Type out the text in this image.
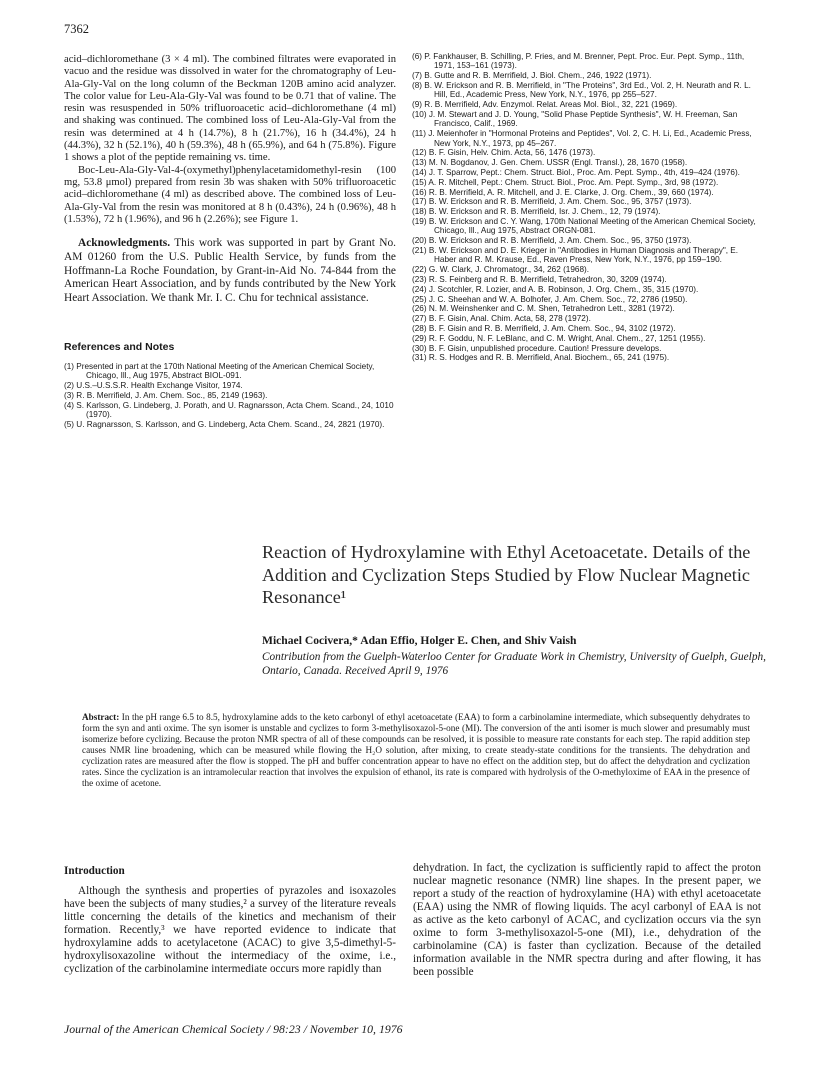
7362
acid–dichloromethane (3 × 4 ml). The combined filtrates were evaporated in vacuo and the residue was dissolved in water for the chromatography of Leu-Ala-Gly-Val on the long column of the Beckman 120B amino acid analyzer. The color value for Leu-Ala-Gly-Val was found to be 0.71 that of valine. The resin was resuspended in 50% trifluoroacetic acid–dichloromethane (4 ml) and shaking was continued. The combined loss of Leu-Ala-Gly-Val from the resin was determined at 4 h (14.7%), 8 h (21.7%), 16 h (34.4%), 24 h (44.3%), 32 h (52.1%), 40 h (59.3%), 48 h (65.9%), and 64 h (75.8%). Figure 1 shows a plot of the peptide remaining vs. time.
Boc-Leu-Ala-Gly-Val-4-(oxymethyl)phenylacetamidomethyl-resin (100 mg, 53.8 μmol) prepared from resin 3b was shaken with 50% trifluoroacetic acid–dichloromethane (4 ml) as described above. The combined loss of Leu-Ala-Gly-Val from the resin was monitored at 8 h (0.43%), 24 h (0.96%), 48 h (1.53%), 72 h (1.96%), and 96 h (2.26%); see Figure 1.
Acknowledgments. This work was supported in part by Grant No. AM 01260 from the U.S. Public Health Service, by funds from the Hoffmann-La Roche Foundation, by Grant-in-Aid No. 74-844 from the American Heart Association, and by funds contributed by the New York Heart Association. We thank Mr. I. C. Chu for technical assistance.
References and Notes
(1) Presented in part at the 170th National Meeting of the American Chemical Society, Chicago, Ill., Aug 1975, Abstract BIOL-091.
(2) U.S.–U.S.S.R. Health Exchange Visitor, 1974.
(3) R. B. Merrifield, J. Am. Chem. Soc., 85, 2149 (1963).
(4) S. Karlsson, G. Lindeberg, J. Porath, and U. Ragnarsson, Acta Chem. Scand., 24, 1010 (1970).
(5) U. Ragnarsson, S. Karlsson, and G. Lindeberg, Acta Chem. Scand., 24, 2821 (1970).
(6) P. Fankhauser, B. Schilling, P. Fries, and M. Brenner, Pept. Proc. Eur. Pept. Symp., 11th, 1971, 153–161 (1973).
(7) B. Gutte and R. B. Merrifield, J. Biol. Chem., 246, 1922 (1971).
(8) B. W. Erickson and R. B. Merrifield, in "The Proteins", 3rd Ed., Vol. 2, H. Neurath and R. L. Hill, Ed., Academic Press, New York, N.Y., 1976, pp 255–527.
(9) R. B. Merrifield, Adv. Enzymol. Relat. Areas Mol. Biol., 32, 221 (1969).
(10) J. M. Stewart and J. D. Young, "Solid Phase Peptide Synthesis", W. H. Freeman, San Francisco, Calif., 1969.
(11) J. Meienhofer in "Hormonal Proteins and Peptides", Vol. 2, C. H. Li, Ed., Academic Press, New York, N.Y., 1973, pp 45–267.
(12) B. F. Gisin, Helv. Chim. Acta, 56, 1476 (1973).
(13) M. N. Bogdanov, J. Gen. Chem. USSR (Engl. Transl.), 28, 1670 (1958).
(14) J. T. Sparrow, Pept.: Chem. Struct. Biol., Proc. Am. Pept. Symp., 4th, 419–424 (1976).
(15) A. R. Mitchell, Pept.: Chem. Struct. Biol., Proc. Am. Pept. Symp., 3rd, 98 (1972).
(16) R. B. Merrifield, A. R. Mitchell, and J. E. Clarke, J. Org. Chem., 39, 660 (1974).
(17) B. W. Erickson and R. B. Merrifield, J. Am. Chem. Soc., 95, 3757 (1973).
(18) B. W. Erickson and R. B. Merrifield, Isr. J. Chem., 12, 79 (1974).
(19) B. W. Erickson and C. Y. Wang, 170th National Meeting of the American Chemical Society, Chicago, Ill., Aug 1975, Abstract ORGN-081.
(20) B. W. Erickson and R. B. Merrifield, J. Am. Chem. Soc., 95, 3750 (1973).
(21) B. W. Erickson and D. E. Krieger in "Antibodies in Human Diagnosis and Therapy", E. Haber and R. M. Krause, Ed., Raven Press, New York, N.Y., 1976, pp 159–190.
(22) G. W. Clark, J. Chromatogr., 34, 262 (1968).
(23) R. S. Feinberg and R. B. Merrifield, Tetrahedron, 30, 3209 (1974).
(24) J. Scotchler, R. Lozier, and A. B. Robinson, J. Org. Chem., 35, 315 (1970).
(25) J. C. Sheehan and W. A. Bolhofer, J. Am. Chem. Soc., 72, 2786 (1950).
(26) N. M. Weinshenker and C. M. Shen, Tetrahedron Lett., 3281 (1972).
(27) B. F. Gisin, Anal. Chim. Acta, 58, 278 (1972).
(28) B. F. Gisin and R. B. Merrifield, J. Am. Chem. Soc., 94, 3102 (1972).
(29) R. F. Goddu, N. F. LeBlanc, and C. M. Wright, Anal. Chem., 27, 1251 (1955).
(30) B. F. Gisin, unpublished procedure. Caution! Pressure develops.
(31) R. S. Hodges and R. B. Merrifield, Anal. Biochem., 65, 241 (1975).
Reaction of Hydroxylamine with Ethyl Acetoacetate. Details of the Addition and Cyclization Steps Studied by Flow Nuclear Magnetic Resonance¹
Michael Cocivera,* Adan Effio, Holger E. Chen, and Shiv Vaish
Contribution from the Guelph-Waterloo Center for Graduate Work in Chemistry, University of Guelph, Guelph, Ontario, Canada. Received April 9, 1976
Abstract: In the pH range 6.5 to 8.5, hydroxylamine adds to the keto carbonyl of ethyl acetoacetate (EAA) to form a carbinolamine intermediate, which subsequently dehydrates to form the syn and anti oxime. The syn isomer is unstable and cyclizes to form 3-methylisoxazol-5-one (MI). The conversion of the anti isomer is much slower and presumably must isomerize before cyclizing. Because the proton NMR spectra of all of these compounds can be resolved, it is possible to measure rate constants for each step. The rapid addition step causes NMR line broadening, which can be measured while flowing the H₂O solution, after mixing, to create steady-state conditions for the transients. The dehydration and cyclization rates are measured after the flow is stopped. The pH and buffer concentration appear to have no effect on the addition step, but do affect the dehydration and cyclization rates. Since the cyclization is an intramolecular reaction that involves the expulsion of ethanol, its rate is compared with hydrolysis of the O-methyloxime of EAA in the presence of the oxime of acetone.
Introduction
Although the synthesis and properties of pyrazoles and isoxazoles have been the subjects of many studies,² a survey of the literature reveals little concerning the details of the kinetics and mechanism of their formation. Recently,³ we have reported evidence to indicate that hydroxylamine adds to acetylacetone (ACAC) to give 3,5-dimethyl-5-hydroxylisoxazoline without the intermediacy of the oxime, i.e., cyclization of the carbinolamine intermediate occurs more rapidly than
dehydration. In fact, the cyclization is sufficiently rapid to affect the proton nuclear magnetic resonance (NMR) line shapes. In the present paper, we report a study of the reaction of hydroxylamine (HA) with ethyl acetoacetate (EAA) using the NMR of flowing liquids. The acyl carbonyl of EAA is not as active as the keto carbonyl of ACAC, and cyclization occurs via the syn oxime to form 3-methylisoxazol-5-one (MI), i.e., dehydration of the carbinolamine (CA) is faster than cyclization. Because of the detailed information available in the NMR spectra during and after flowing, it has been possible
Journal of the American Chemical Society / 98:23 / November 10, 1976
